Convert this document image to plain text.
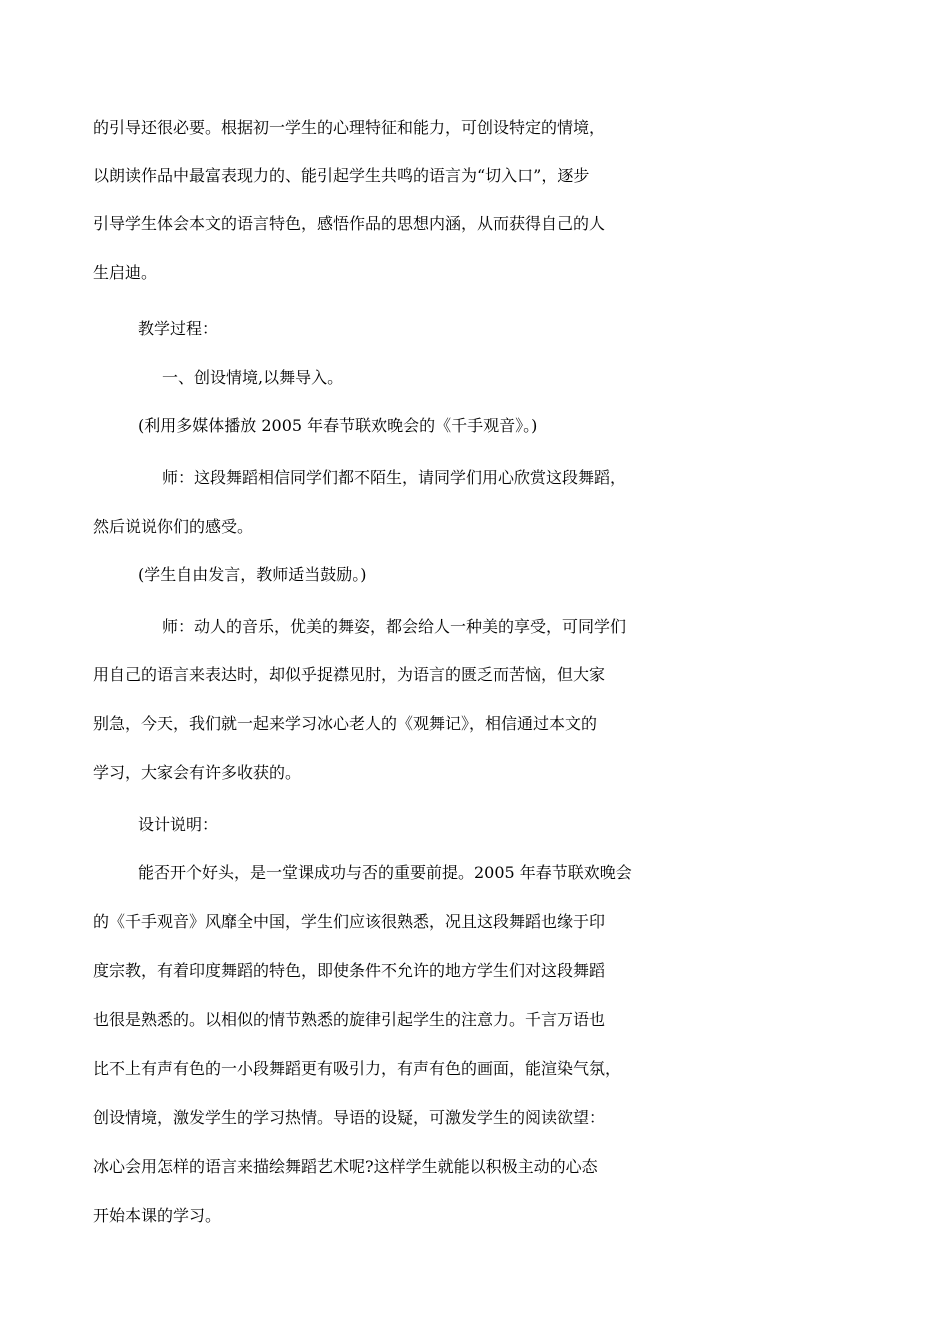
的引导还很必要。根据初一学生的心理特征和能力，可创设特定的情境，
以朗读作品中最富表现力的、能引起学生共鸣的语言为“切入口”，逐步
引导学生体会本文的语言特色，感悟作品的思想内涵，从而获得自己的人
生启迪。
教学过程：
一、创设情境,以舞导入。
(利用多媒体播放 2005 年春节联欢晚会的《千手观音》。)
师：这段舞蹈相信同学们都不陌生，请同学们用心欣赏这段舞蹈，
然后说说你们的感受。
(学生自由发言，教师适当鼓励。)
师：动人的音乐，优美的舞姿，都会给人一种美的享受，可同学们
用自己的语言来表达时，却似乎捉襟见肘，为语言的匮乏而苦恼，但大家
别急，今天，我们就一起来学习冰心老人的《观舞记》，相信通过本文的
学习，大家会有许多收获的。
设计说明：
能否开个好头，是一堂课成功与否的重要前提。2005 年春节联欢晚会
的《千手观音》风靡全中国，学生们应该很熟悉，况且这段舞蹈也缘于印
度宗教，有着印度舞蹈的特色，即使条件不允许的地方学生们对这段舞蹈
也很是熟悉的。以相似的情节熟悉的旋律引起学生的注意力。千言万语也
比不上有声有色的一小段舞蹈更有吸引力，有声有色的画面，能渲染气氛，
创设情境，激发学生的学习热情。导语的设疑，可激发学生的阅读欲望：
冰心会用怎样的语言来描绘舞蹈艺术呢?这样学生就能以积极主动的心态
开始本课的学习。
